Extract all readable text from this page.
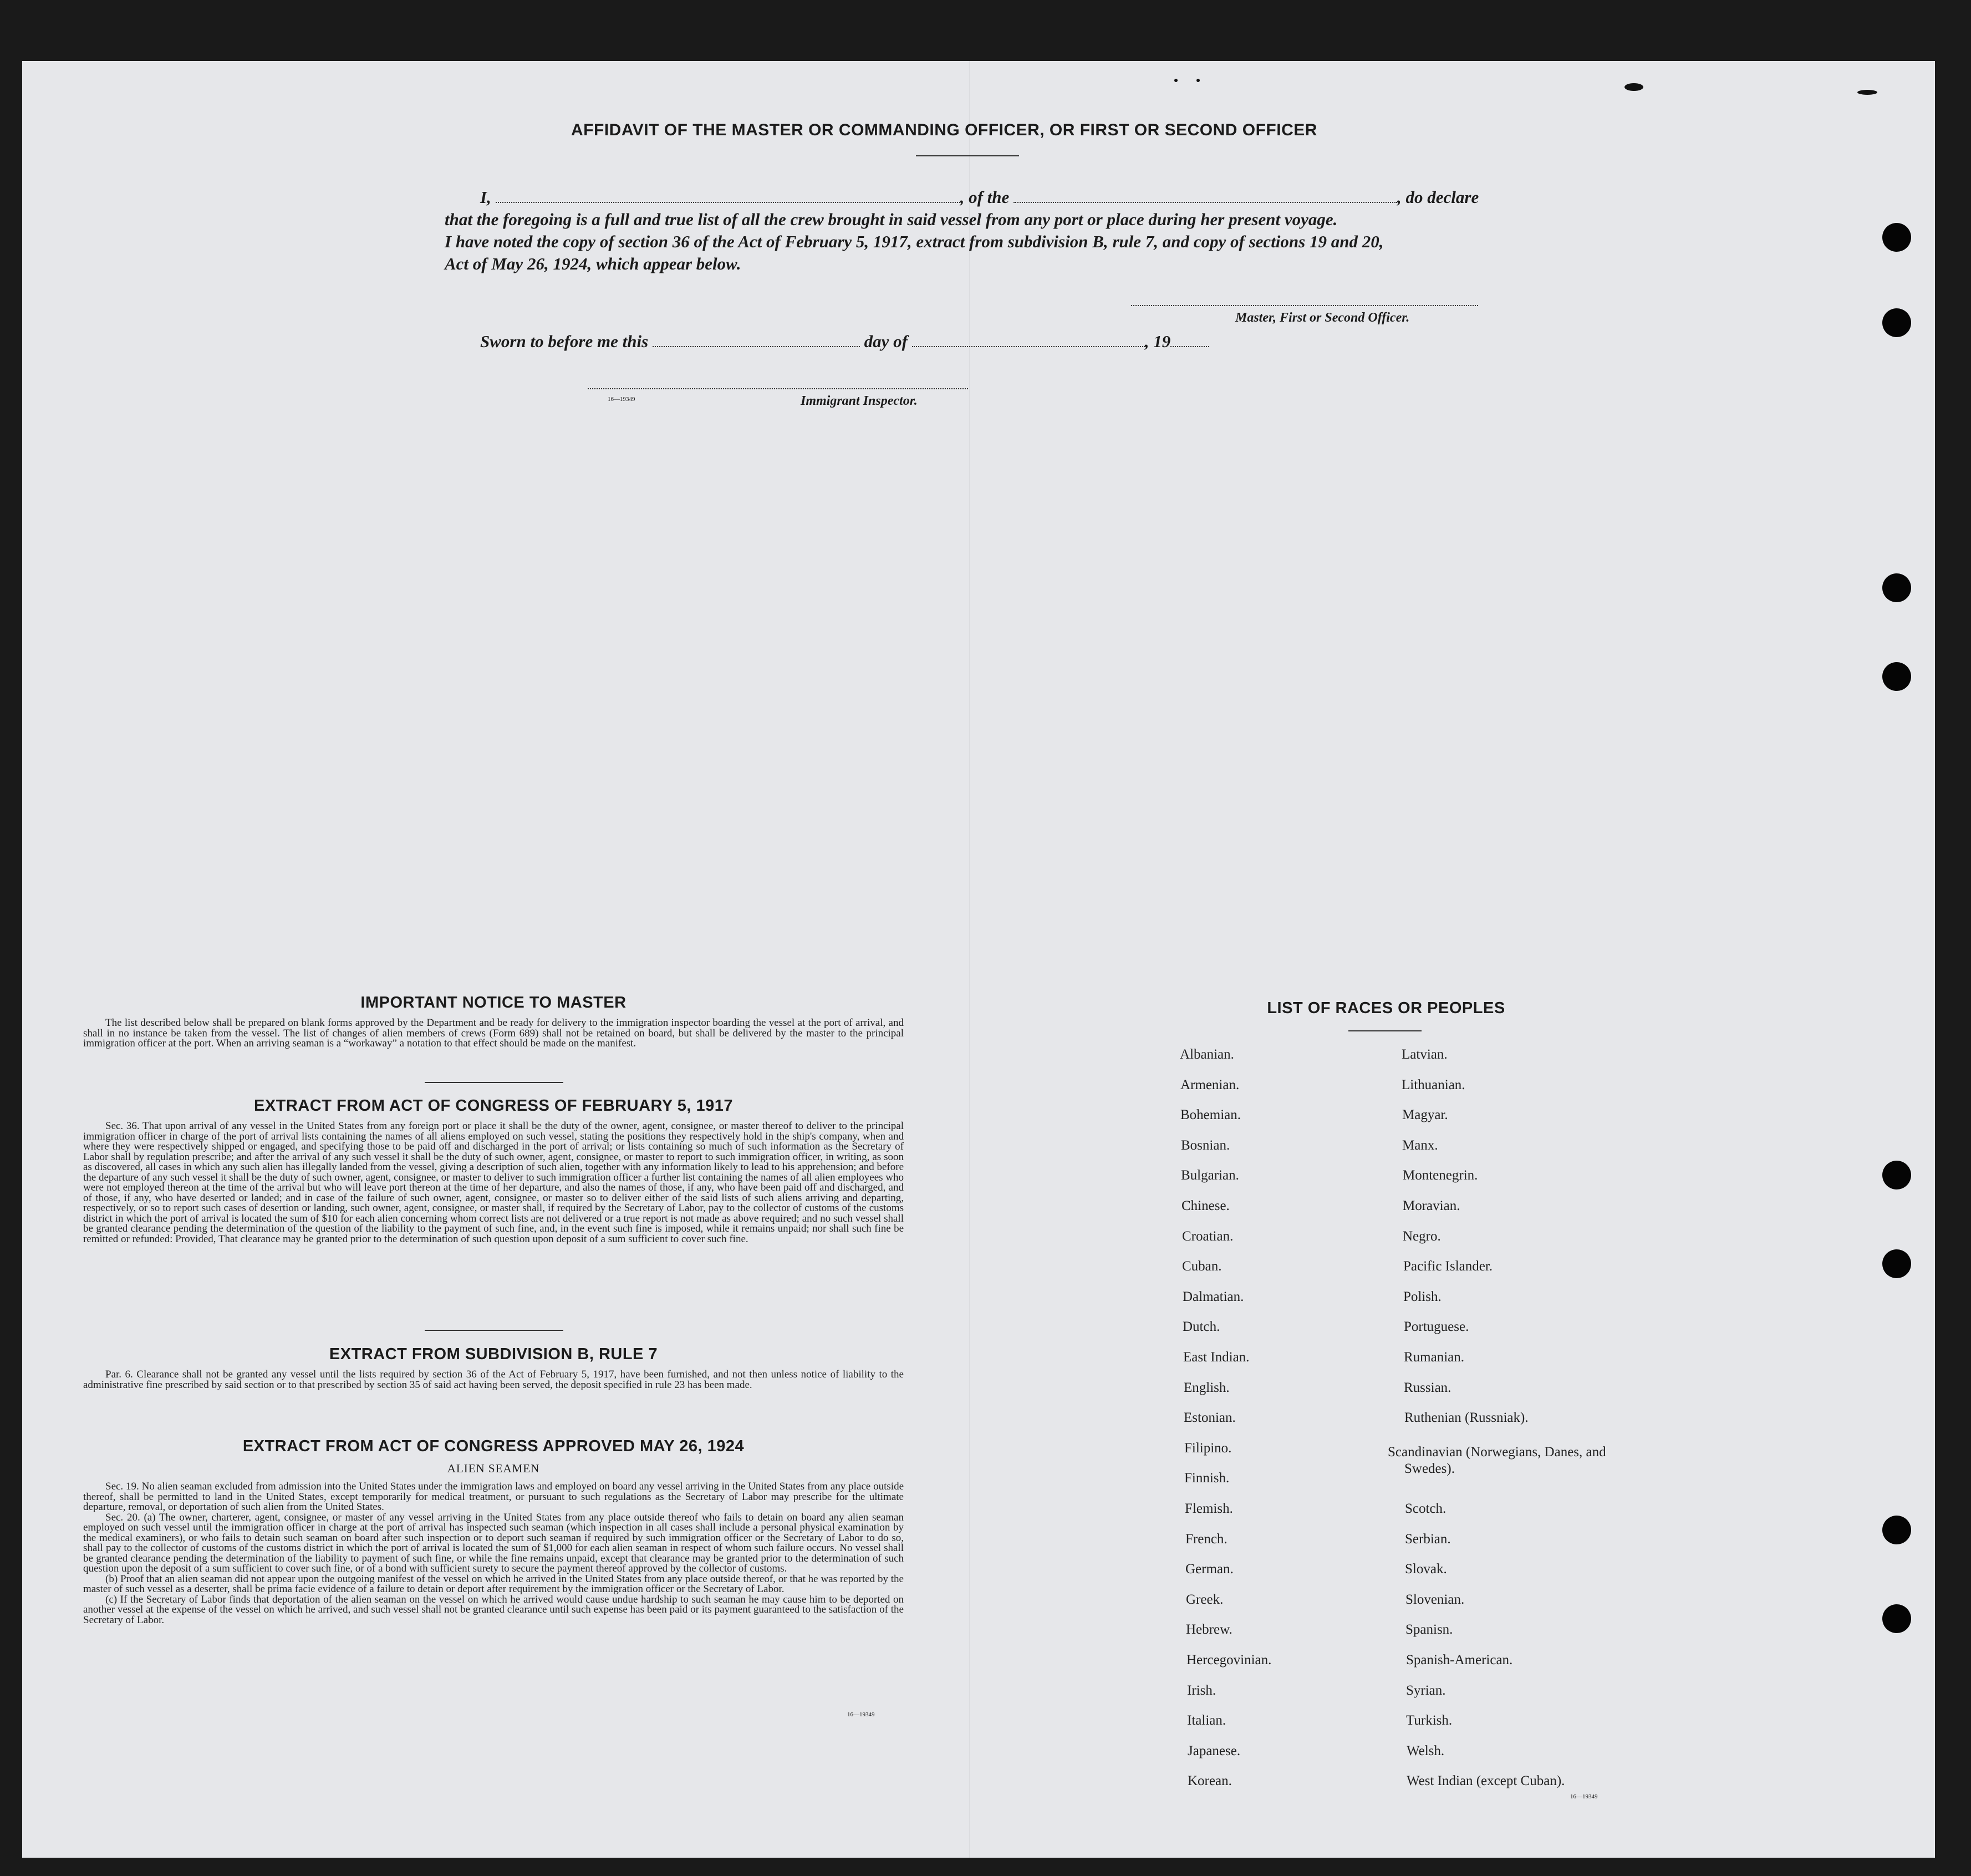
AFFIDAVIT OF THE MASTER OR COMMANDING OFFICER, OR FIRST OR SECOND OFFICER
I,	, of the	, do declare
that the foregoing is a full and true list of all the crew brought in said vessel from any port or place during her present voyage.
I have noted the copy of section 36 of the Act of February 5, 1917, extract from subdivision B, rule 7, and copy of sections 19 and 20,
Act of May 26, 1924, which appear below.
Master, First or Second Officer.
Sworn to before me this	day of	, 19
16—19349	Immigrant Inspector.
IMPORTANT NOTICE TO MASTER

The list described below shall be prepared on blank forms approved by the Department and be ready for delivery to the immigration inspector boarding the vessel at the port of arrival, and shall in no instance be taken from the vessel. The list of changes of alien members of crews (Form 689) shall not be retained on board, but shall be delivered by the master to the principal immigration officer at the port. When an arriving seaman is a “workaway” a notation to that effect should be made on the manifest.

EXTRACT FROM ACT OF CONGRESS OF FEBRUARY 5, 1917

Sec. 36. That upon arrival of any vessel in the United States from any foreign port or place it shall be the duty of the owner, agent, consignee, or master thereof to deliver to the principal immigration officer in charge of the port of arrival lists containing the names of all aliens employed on such vessel, stating the positions they respectively hold in the ship's company, when and where they were respectively shipped or engaged, and specifying those to be paid off and discharged in the port of arrival; or lists containing so much of such information as the Secretary of Labor shall by regulation prescribe; and after the arrival of any such vessel it shall be the duty of such owner, agent, consignee, or master to report to such immigration officer, in writing, as soon as discovered, all cases in which any such alien has illegally landed from the vessel, giving a description of such alien, together with any information likely to lead to his apprehension; and before the departure of any such vessel it shall be the duty of such owner, agent, consignee, or master to deliver to such immigration officer a further list containing the names of all alien employees who were not employed thereon at the time of the arrival but who will leave port thereon at the time of her departure, and also the names of those, if any, who have been paid off and discharged, and of those, if any, who have deserted or landed; and in case of the failure of such owner, agent, consignee, or master so to deliver either of the said lists of such aliens arriving and departing, respectively, or so to report such cases of desertion or landing, such owner, agent, consignee, or master shall, if required by the Secretary of Labor, pay to the collector of customs of the customs district in which the port of arrival is located the sum of $10 for each alien concerning whom correct lists are not delivered or a true report is not made as above required; and no such vessel shall be granted clearance pending the determination of the question of the liability to the payment of such fine, and, in the event such fine is imposed, while it remains unpaid; nor shall such fine be remitted or refunded: Provided, That clearance may be granted prior to the determination of such question upon deposit of a sum sufficient to cover such fine.

EXTRACT FROM SUBDIVISION B, RULE 7

Par. 6. Clearance shall not be granted any vessel until the lists required by section 36 of the Act of February 5, 1917, have been furnished, and not then unless notice of liability to the administrative fine prescribed by said section or to that prescribed by section 35 of said act having been served, the deposit specified in rule 23 has been made.

EXTRACT FROM ACT OF CONGRESS APPROVED MAY 26, 1924
ALIEN SEAMEN

Sec. 19. No alien seaman excluded from admission into the United States under the immigration laws and employed on board any vessel arriving in the United States from any place outside thereof, shall be permitted to land in the United States, except temporarily for medical treatment, or pursuant to such regulations as the Secretary of Labor may prescribe for the ultimate departure, removal, or deportation of such alien from the United States.

Sec. 20. (a) The owner, charterer, agent, consignee, or master of any vessel arriving in the United States from any place outside thereof who fails to detain on board any alien seaman employed on such vessel until the immigration officer in charge at the port of arrival has inspected such seaman (which inspection in all cases shall include a personal physical examination by the medical examiners), or who fails to detain such seaman on board after such inspection or to deport such seaman if required by such immigration officer or the Secretary of Labor to do so, shall pay to the collector of customs of the customs district in which the port of arrival is located the sum of $1,000 for each alien seaman in respect of whom such failure occurs. No vessel shall be granted clearance pending the determination of the liability to payment of such fine, or while the fine remains unpaid, except that clearance may be granted prior to the determination of such question upon the deposit of a sum sufficient to cover such fine, or of a bond with sufficient surety to secure the payment thereof approved by the collector of customs.

(b) Proof that an alien seaman did not appear upon the outgoing manifest of the vessel on which he arrived in the United States from any place outside thereof, or that he was reported by the master of such vessel as a deserter, shall be prima facie evidence of a failure to detain or deport after requirement by the immigration officer or the Secretary of Labor.

(c) If the Secretary of Labor finds that deportation of the alien seaman on the vessel on which he arrived would cause undue hardship to such seaman he may cause him to be deported on another vessel at the expense of the vessel on which he arrived, and such vessel shall not be granted clearance until such expense has been paid or its payment guaranteed to the satisfaction of the Secretary of Labor.

16—19349
LIST OF RACES OR PEOPLES
Albanian.
Armenian.
Bohemian.
Bosnian.
Bulgarian.
Chinese.
Croatian.
Cuban.
Dalmatian.
Dutch.
East Indian.
English.
Estonian.
Filipino.
Finnish.
Flemish.
French.
German.
Greek.
Hebrew.
Hercegovinian.
Irish.
Italian.
Japanese.
Korean.
Latvian.
Lithuanian.
Magyar.
Manx.
Montenegrin.
Moravian.
Negro.
Pacific Islander.
Polish.
Portuguese.
Rumanian.
Russian.
Ruthenian (Russniak).
Scandinavian (Norwegians, Danes, and Swedes).
Scotch.
Serbian.
Slovak.
Slovenian.
Spanisn.
Spanish-American.
Syrian.
Turkish.
Welsh.
West Indian (except Cuban).
16—19349
